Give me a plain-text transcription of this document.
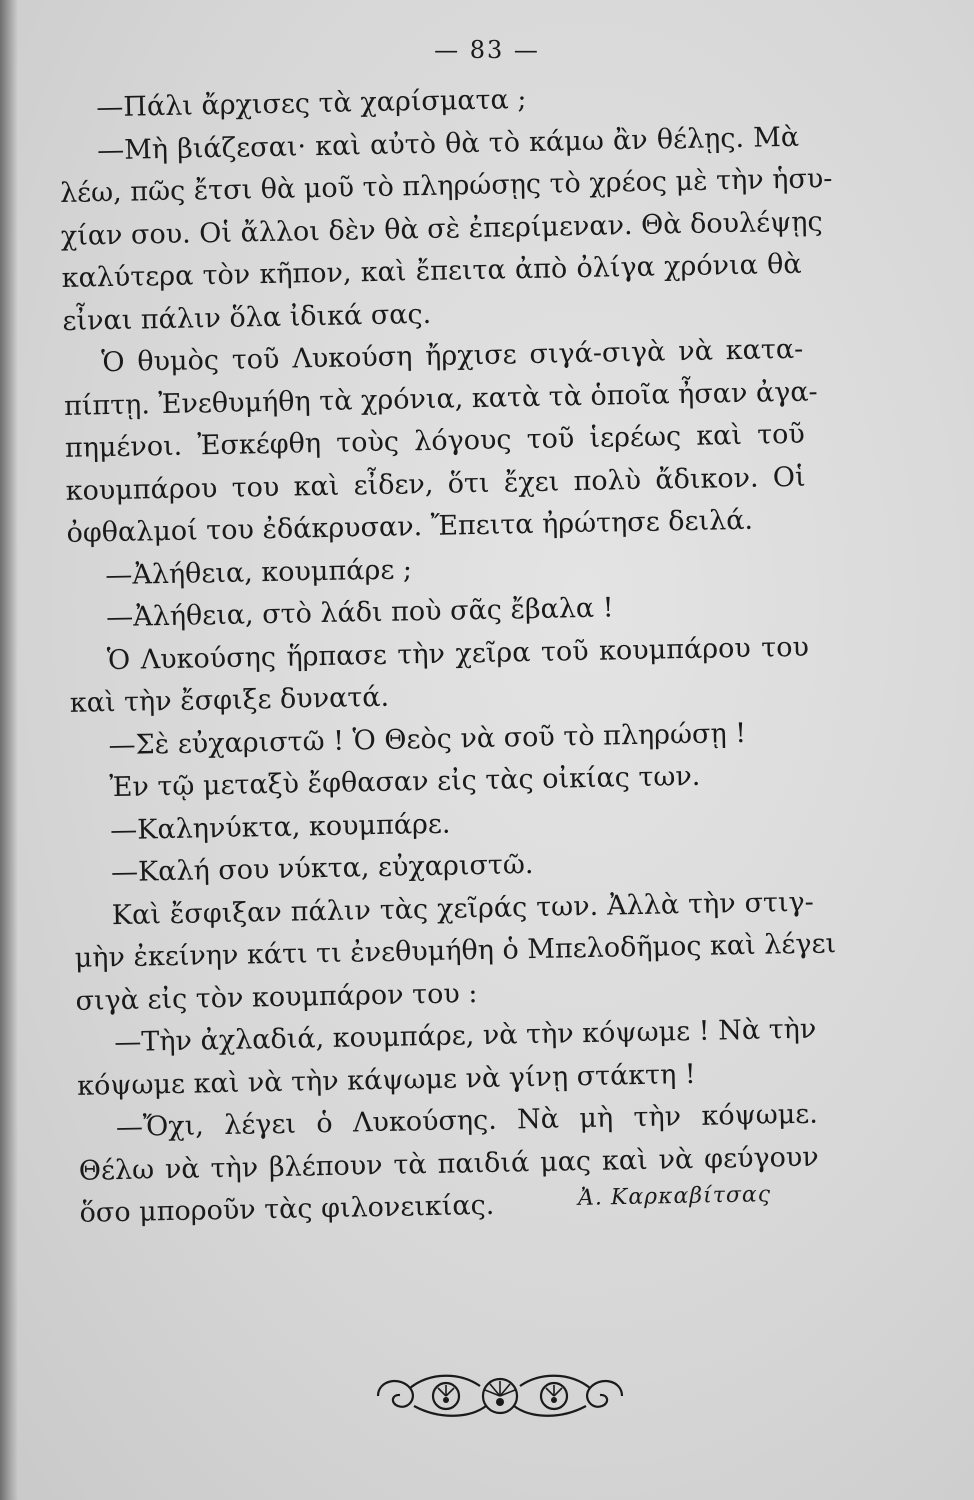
— 83 —
—Πάλι ἄρχισες τὰ χαρίσματα ;
—Μὴ βιάζεσαι· καὶ αὐτὸ θὰ τὸ κάμω ἂν θέλῃς. Μὰ
λέω, πῶς ἔτσι θὰ μοῦ τὸ πληρώσῃς τὸ χρέος μὲ τὴν ἡσυ-
χίαν σου. Οἱ ἄλλοι δὲν θὰ σὲ ἐπερίμεναν. Θὰ δουλέψῃς
καλύτερα τὸν κῆπον, καὶ ἔπειτα ἀπὸ ὀλίγα χρόνια θὰ
εἶναι πάλιν ὅλα ἰδικά σας.
Ὁ θυμὸς τοῦ Λυκούση ἤρχισε σιγά-σιγὰ νὰ κατα-
πίπτῃ. Ἐνεθυμήθη τὰ χρόνια, κατὰ τὰ ὁποῖα ἦσαν ἀγα-
πημένοι. Ἐσκέφθη τοὺς λόγους τοῦ ἱερέως καὶ τοῦ
κουμπάρου του καὶ εἶδεν, ὅτι ἔχει πολὺ ἄδικον. Οἱ
ὀφθαλμοί του ἐδάκρυσαν. Ἔπειτα ἠρώτησε δειλά.
—Ἀλήθεια, κουμπάρε ;
—Ἀλήθεια, στὸ λάδι ποὺ σᾶς ἔβαλα !
Ὁ Λυκούσης ἥρπασε τὴν χεῖρα τοῦ κουμπάρου του
καὶ τὴν ἔσφιξε δυνατά.
—Σὲ εὐχαριστῶ ! Ὁ Θεὸς νὰ σοῦ τὸ πληρώσῃ !
Ἐν τῷ μεταξὺ ἔφθασαν εἰς τὰς οἰκίας των.
—Καληνύκτα, κουμπάρε.
—Καλή σου νύκτα, εὐχαριστῶ.
Καὶ ἔσφιξαν πάλιν τὰς χεῖράς των. Ἀλλὰ τὴν στιγ-
μὴν ἐκείνην κάτι τι ἐνεθυμήθη ὁ Μπελοδῆμος καὶ λέγει
σιγὰ εἰς τὸν κουμπάρον του :
—Τὴν ἀχλαδιά, κουμπάρε, νὰ τὴν κόψωμε ! Νὰ τὴν
κόψωμε καὶ νὰ τὴν κάψωμε νὰ γίνῃ στάκτη !
—Ὄχι, λέγει ὁ Λυκούσης. Νὰ μὴ τὴν κόψωμε.
Θέλω νὰ τὴν βλέπουν τὰ παιδιά μας καὶ νὰ φεύγουν
ὅσο μποροῦν τὰς φιλονεικίας.	Ἀ. Καρκαβίτσας
